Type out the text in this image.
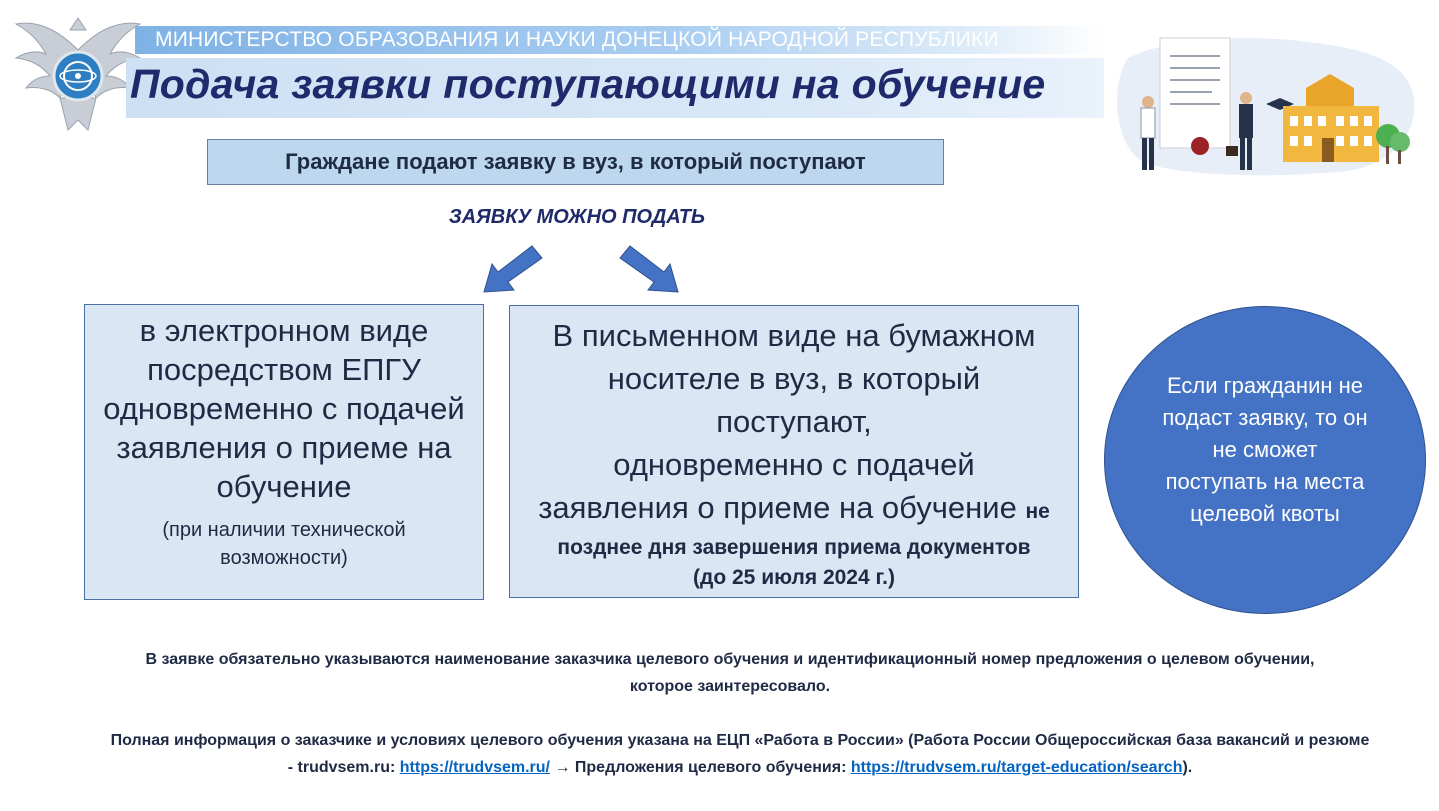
МИНИСТЕРСТВО ОБРАЗОВАНИЯ И НАУКИ ДОНЕЦКОЙ НАРОДНОЙ РЕСПУБЛИКИ
Подача заявки поступающими на обучение
Граждане подают заявку в вуз, в который поступают
ЗАЯВКУ МОЖНО ПОДАТЬ
в электронном виде посредством ЕПГУ одновременно с подачей заявления о приеме на обучение
(при наличии технической возможности)
В письменном виде на бумажном
носителе в вуз, в который
поступают,
одновременно с подачей
заявления о приеме на обучение не
позднее дня завершения приема документов
(до 25 июля 2024 г.)
Если гражданин не подаст заявку, то он не сможет поступать на места целевой квоты
В заявке обязательно указываются наименование заказчика целевого обучения и идентификационный номер предложения о целевом обучении, которое заинтересовало.
Полная информация о заказчике и условиях целевого обучения указана на ЕЦП «Работа в России» (Работа России Общероссийская база вакансий и резюме - trudvsem.ru: https://trudvsem.ru/ → Предложения целевого обучения: https://trudvsem.ru/target-education/search).
